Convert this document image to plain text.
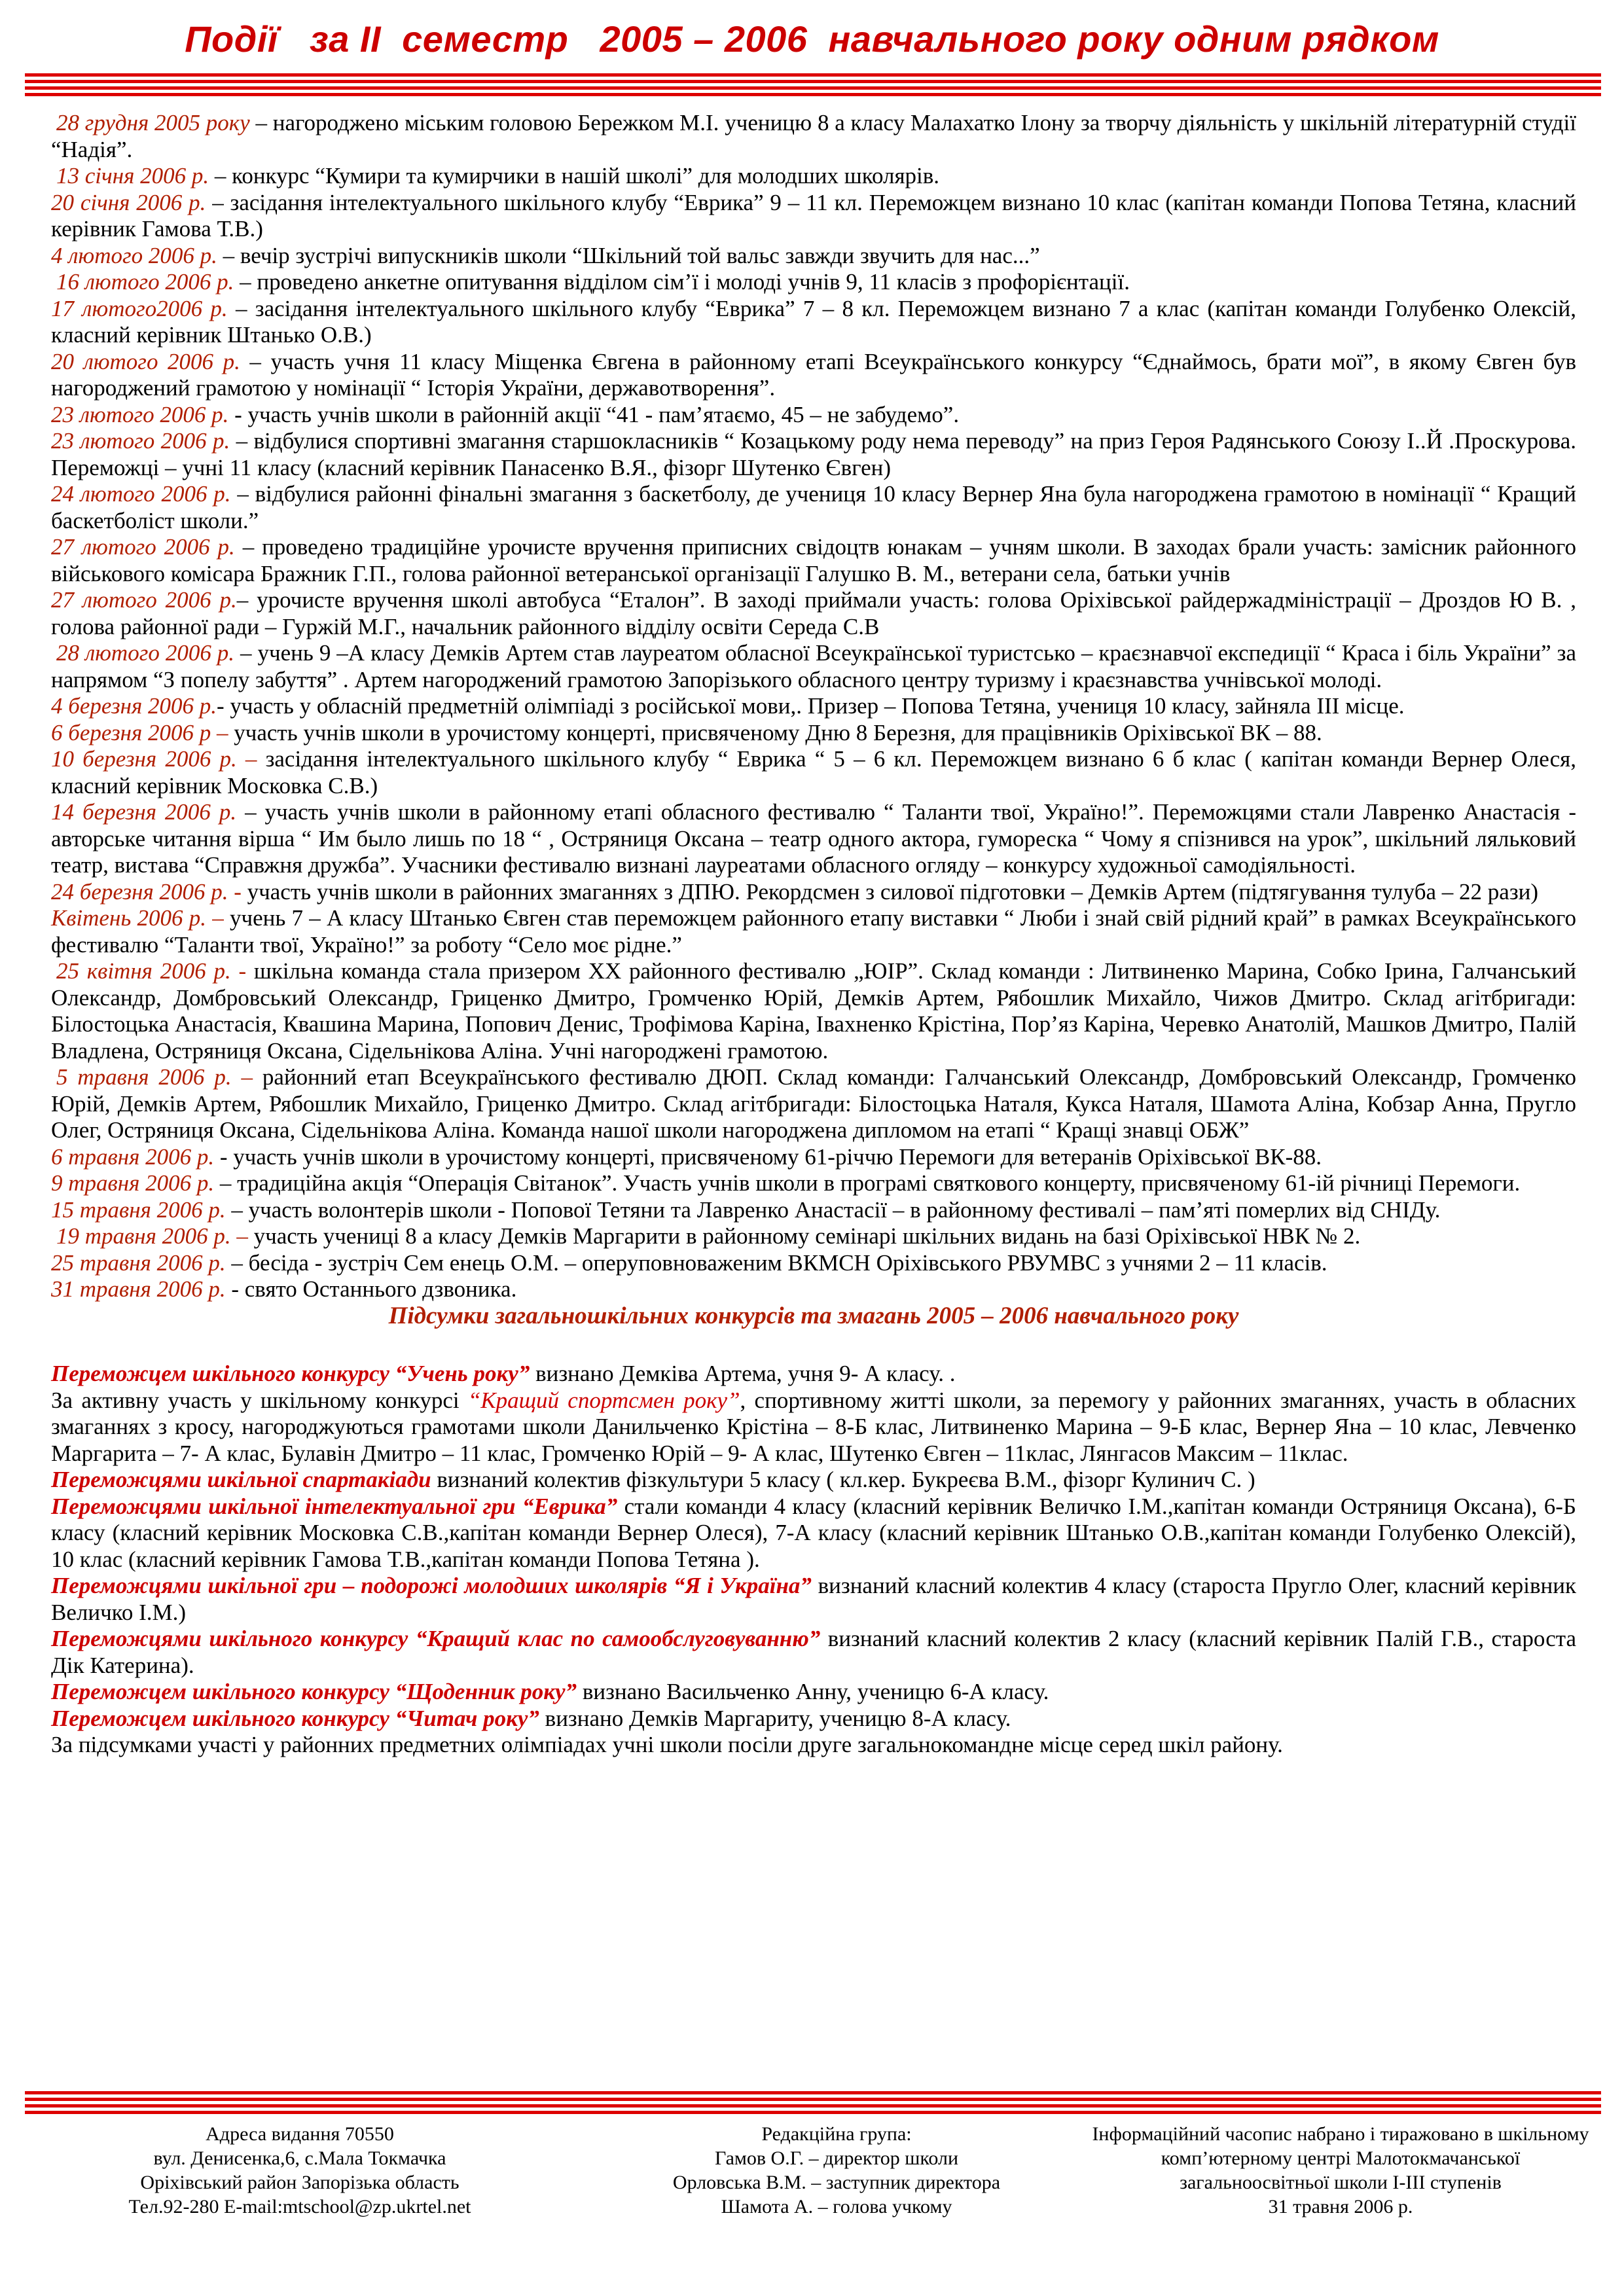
Події   за ІІ  семестр   2005 – 2006  навчального року одним рядком

28 грудня 2005 року – нагороджено міським головою Бережком М.І. ученицю 8 а класу Малахатко Ілону за творчу діяльність у шкільній літературній студії “Надія”.

13 січня 2006 р. – конкурс “Кумири та кумирчики в нашій школі” для молодших школярів.

20 січня 2006 р. – засідання інтелектуального шкільного клубу “Еврика” 9 – 11 кл. Переможцем визнано 10 клас (капітан команди Попова Тетяна, класний керівник Гамова Т.В.)

4 лютого 2006 р. – вечір зустрічі випускників школи “Шкільний той вальс завжди звучить для нас...”

16 лютого 2006 р. – проведено анкетне опитування відділом сім’ї і молоді учнів 9, 11 класів з профорієнтації.

17 лютого2006 р. – засідання інтелектуального шкільного клубу “Еврика” 7 – 8 кл. Переможцем визнано 7 а клас (капітан команди Голубенко Олексій, класний керівник Штанько О.В.)

20 лютого 2006 р. – участь учня 11 класу Міщенка Євгена в районному етапі Всеукраїнського конкурсу “Єднаймось, брати мої”, в якому Євген був нагороджений грамотою у номінації “ Історія України, державотворення”.

23 лютого 2006 р. - участь учнів школи в районній акції “41 - пам’ятаємо, 45 – не забудемо”.

23 лютого 2006 р. – відбулися спортивні змагання старшокласників “ Козацькому роду нема переводу” на приз Героя Радянського Союзу І..Й .Проскурова. Переможці – учні 11 класу (класний керівник Панасенко В.Я., фізорг Шутенко Євген)

24 лютого 2006 р. – відбулися районні фінальні змагання з баскетболу, де учениця 10 класу Вернер Яна була нагороджена грамотою в номінації “ Кращий баскетболіст школи.”

27 лютого 2006 р. – проведено традиційне урочисте вручення приписних свідоцтв юнакам – учням школи. В заходах брали участь: замісник районного військового комісара Бражник Г.П., голова районної ветеранської організації Галушко В. М., ветерани села, батьки учнів

27 лютого 2006 р.– урочисте вручення школі автобуса “Еталон”. В заході приймали участь: голова Оріхівської райдержадміністрації – Дроздов Ю В. , голова районної ради – Гуржій М.Г., начальник районного відділу освіти Середа С.В

28 лютого 2006 р. – учень 9 –А класу Демків Артем став лауреатом обласної Всеукраїнської туристсько – краєзнавчої експедиції “ Краса і біль України” за напрямом “З попелу забуття” . Артем нагороджений грамотою Запорізького обласного центру туризму і краєзнавства учнівської молоді.

4 березня 2006 р.- участь у обласній предметній олімпіаді з російської мови,. Призер – Попова Тетяна, учениця 10 класу, зайняла ІІІ місце.

6 березня 2006 р – участь учнів школи в урочистому концерті, присвяченому Дню 8 Березня, для працівників Оріхівської ВК – 88.

10 березня 2006 р. – засідання інтелектуального шкільного клубу “ Еврика “ 5 – 6 кл. Переможцем визнано 6 б клас ( капітан команди Вернер Олеся, класний керівник Московка С.В.)

14 березня 2006 р. – участь учнів школи в районному етапі обласного фестивалю “ Таланти твої, Україно!”. Переможцями стали Лавренко Анастасія - авторське читання вірша “ Им было лишь по 18 “ , Остряниця Оксана – театр одного актора, гумореска “ Чому я спізнився на урок”, шкільний ляльковий театр, вистава “Справжня дружба”. Учасники фестивалю визнані лауреатами обласного огляду – конкурсу художньої самодіяльності.

24 березня 2006 р. - участь учнів школи в районних змаганнях з ДПЮ. Рекордсмен з силової підготовки – Демків Артем (підтягування тулуба – 22 рази)

Квітень 2006 р. – учень 7 – А класу Штанько Євген став переможцем районного етапу виставки “ Люби і знай свій рідний край” в рамках Всеукраїнського фестивалю “Таланти твої, Україно!” за роботу “Село моє рідне.”

25 квітня 2006 р. - шкільна команда стала призером ХХ районного фестивалю „ЮІР”. Склад команди : Литвиненко Марина, Собко Ірина, Галчанський Олександр, Домбровський Олександр, Гриценко Дмитро, Громченко Юрій, Демків Артем, Рябошлик Михайло, Чижов Дмитро. Склад агітбригади: Білостоцька Анастасія, Квашина Марина, Попович Денис, Трофімова Каріна, Івахненко Крістіна, Пор’яз Каріна, Черевко Анатолій, Машков Дмитро, Палій Владлена, Остряниця Оксана, Сідельнікова Аліна. Учні нагороджені грамотою.

5 травня 2006 р. – районний етап Всеукраїнського фестивалю ДЮП. Склад команди: Галчанський Олександр, Домбровський Олександр, Громченко Юрій, Демків Артем, Рябошлик Михайло, Гриценко Дмитро. Склад агітбригади: Білостоцька Наталя, Кукса Наталя, Шамота Аліна, Кобзар Анна, Пругло Олег, Остряниця Оксана, Сідельнікова Аліна. Команда нашої школи нагороджена дипломом на етапі “ Кращі знавці ОБЖ”

6 травня 2006 р. - участь учнів школи в урочистому концерті, присвяченому 61-річчю Перемоги для ветеранів Оріхівської ВК-88.

9 травня 2006 р. – традиційна акція “Операція Світанок”. Участь учнів школи в програмі святкового концерту, присвяченому 61-ій річниці Перемоги.

15 травня 2006 р. – участь волонтерів школи - Попової Тетяни та Лавренко Анастасії – в районному фестивалі – пам’яті померлих від СНІДу.

19 травня 2006 р. – участь учениці 8 а класу Демків Маргарити в районному семінарі шкільних видань на базі Оріхівської НВК № 2.

25 травня 2006 р. – бесіда - зустріч Сем енець О.М. – оперуповноваженим ВКМСН Оріхівського РВУМВС з учнями 2 – 11 класів.

31 травня 2006 р. - свято Останнього дзвоника.

Підсумки загальношкільних конкурсів та змагань 2005 – 2006 навчального року

Переможцем шкільного конкурсу “Учень року” визнано Демківа Артема, учня 9- А класу. .

За активну участь у шкільному конкурсі “Кращий спортсмен року”, спортивному житті школи, за перемогу у районних змаганнях, участь в обласних змаганнях з кросу, нагороджуються грамотами школи Данильченко Крістіна – 8-Б клас, Литвиненко Марина – 9-Б клас, Вернер Яна – 10 клас, Левченко Маргарита – 7- А клас, Булавін Дмитро – 11 клас, Громченко Юрій – 9- А клас, Шутенко Євген – 11клас, Лянгасов Максим – 11клас.

Переможцями шкільної спартакіади визнаний колектив фізкультури 5 класу ( кл.кер. Букреєва В.М., фізорг Кулинич С. )

Переможцями шкільної інтелектуальної гри “Еврика” стали команди 4 класу (класний керівник Величко І.М.,капітан команди Остряниця Оксана), 6-Б класу (класний керівник Московка С.В.,капітан команди Вернер Олеся), 7-А класу (класний керівник Штанько О.В.,капітан команди Голубенко Олексій), 10 клас (класний керівник Гамова Т.В.,капітан команди Попова Тетяна ).

Переможцями шкільної гри – подорожі молодших школярів “Я і Україна” визнаний класний колектив 4 класу (староста Пругло Олег, класний керівник Величко І.М.)

Переможцями шкільного конкурсу “Кращий клас по самообслуговуванню” визнаний класний колектив 2 класу (класний керівник Палій Г.В., староста Дік Катерина).

Переможцем шкільного конкурсу “Щоденник року” визнано Васильченко Анну, ученицю 6-А класу.

Переможцем шкільного конкурсу “Читач року” визнано Демків Маргариту, ученицю 8-А класу.

За підсумками участі у районних предметних олімпіадах учні школи посіли друге загальнокомандне місце серед шкіл району.

Адреса видання 70550
вул. Денисенка,6, с.Мала Токмачка
Оріхівський район Запорізька область
Тел.92-280 E-mail:mtschool@zp.ukrtel.net
Редакційна група:
Гамов О.Г. – директор школи
Орловська В.М. – заступник директора
Шамота А. – голова учкому
Інформаційний часопис набрано і тиражовано в шкільному
комп’ютерному центрі Малотокмачанської
загальноосвітньої школи І-ІІІ ступенів
31 травня 2006 р.
